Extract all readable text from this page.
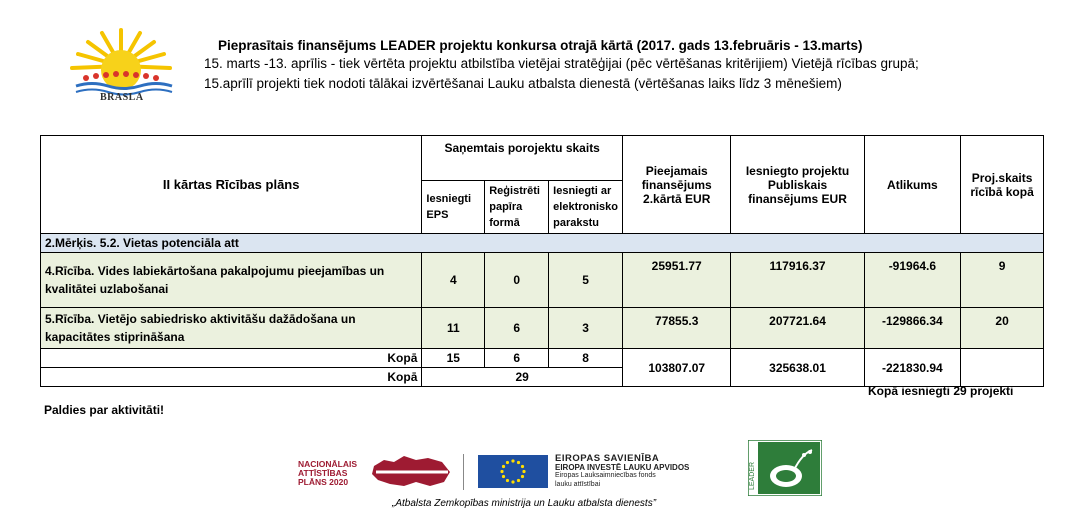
BRASLA
Pieprasītais finansējums LEADER projektu konkursa otrajā kārtā (2017. gads 13.februāris - 13.marts)
15. marts -13. aprīlis - tiek vērtēta projektu atbilstība vietējai stratēģijai (pēc vērtēšanas kritērijiem) Vietējā rīcības grupā;
15.aprīlī projekti tiek nodoti tālākai izvērtēšanai Lauku atbalsta dienestā (vērtēšanas laiks līdz 3 mēnešiem)
II kārtas Rīcības plāns	Saņemtais porojektu skaits			Pieejamais finansējums 2.kārtā EUR	Iesniegto projektu Publiskais finansējums EUR	Atlikums	Proj.skaits rīcībā kopā
	Iesniegti EPS	Reģistrēti papīra formā	Iesniegti ar elektronisko parakstu				
2.Mērķis. 5.2. Vietas potenciāla att							
4.Rīcība. Vides labiekārtošana pakalpojumu pieejamības un kvalitātei uzlabošanai	4	0	5	25951.77	117916.37	-91964.6	9
5.Rīcība. Vietējo sabiedrisko aktivitāšu dažādošana un kapacitātes stiprināšana	11	6	3	77855.3	207721.64	-129866.34	20
Kopā	15	6	8	103807.07	325638.01	-221830.94	
Kopā	29						
Kopā iesniegti 29 projekti
Paldies par aktivitāti!
NACIONĀLAIS
ATTĪSTĪBAS
PLĀNS 2020
EIROPAS SAVIENĪBA
EIROPA INVESTĒ LAUKU APVIDOS
Eiropas Lauksaimniecības fonds
lauku attīstībai	LEADER
„Atbalsta Zemkopības ministrija un Lauku atbalsta dienests”
